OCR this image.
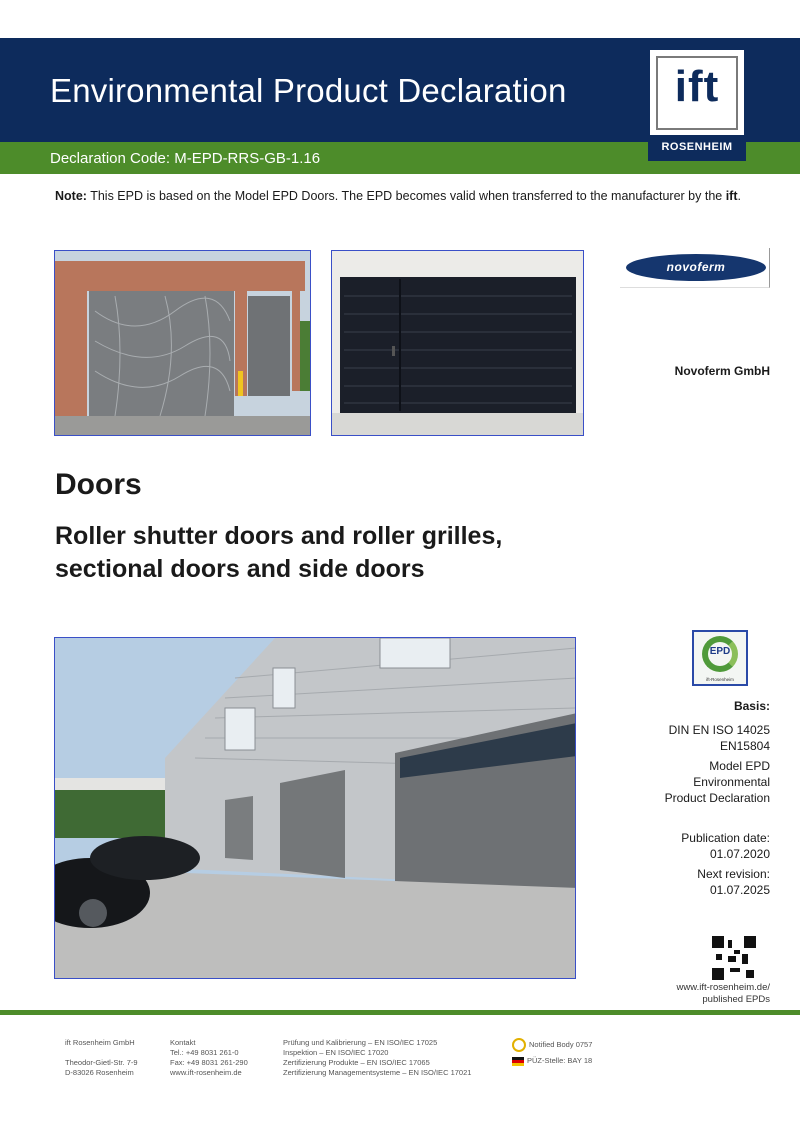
Environmental Product Declaration
Declaration Code: M-EPD-RRS-GB-1.16
ift
ROSENHEIM
Note: This EPD is based on the Model EPD Doors. The EPD becomes valid when transferred to the manufacturer by the ift.
novoferm
Novoferm GmbH
Doors
Roller shutter doors and roller grilles, sectional doors and side doors
EPD
ift-Rosenheim
Basis:
DIN EN ISO 14025
EN15804
Model EPD
Environmental
Product Declaration
Publication date:
01.07.2020
Next revision:
01.07.2025
www.ift-rosenheim.de/
published EPDs
ift Rosenheim GmbH
Theodor-Gietl-Str. 7-9
D-83026 Rosenheim
Kontakt
Tel.: +49 8031 261-0
Fax: +49 8031 261-290
www.ift-rosenheim.de
Prüfung und Kalibrierung – EN ISO/IEC 17025
Inspektion – EN ISO/IEC 17020
Zertifizierung Produkte – EN ISO/IEC 17065
Zertifizierung Managementsysteme – EN ISO/IEC 17021
Notified Body 0757
PÜZ-Stelle: BAY 18
